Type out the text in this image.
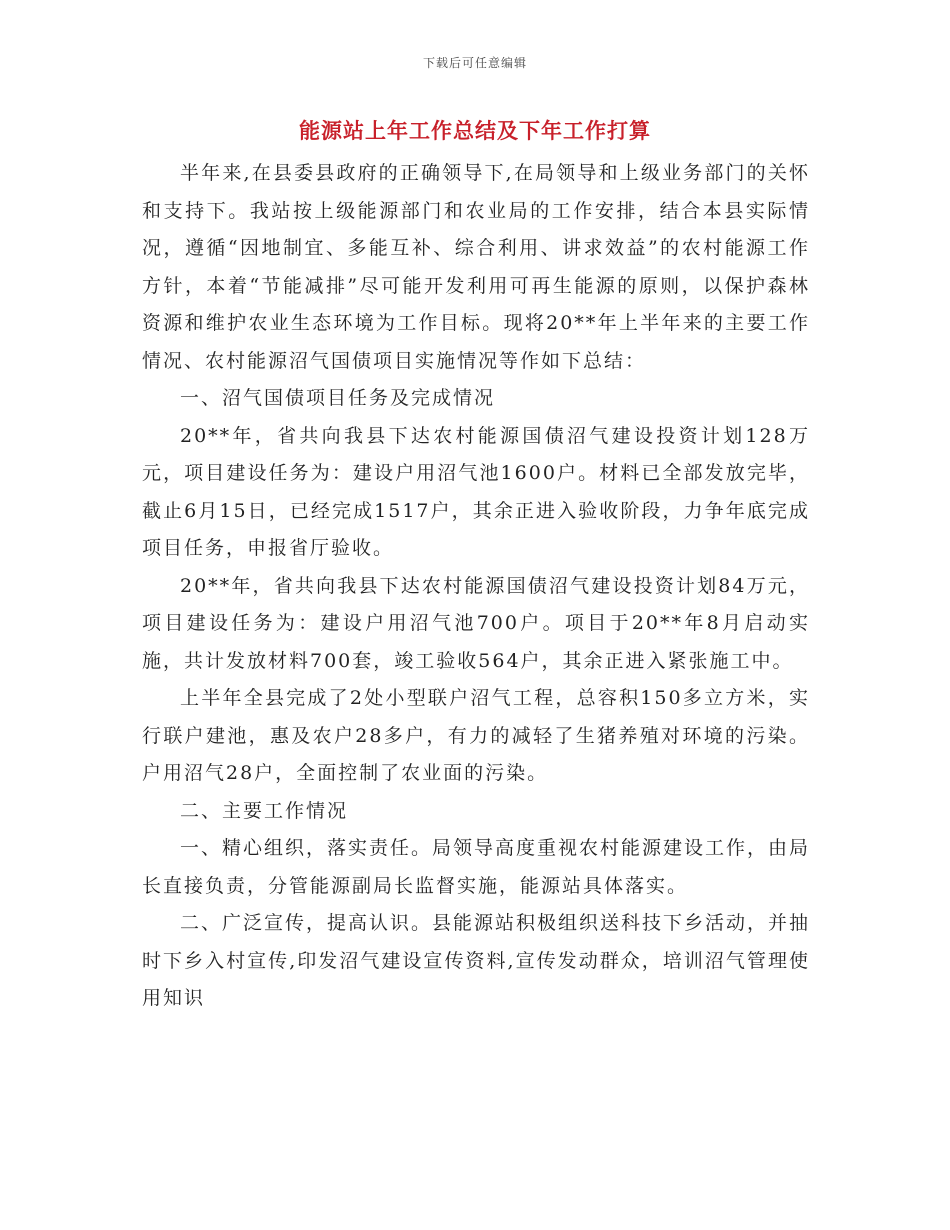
下载后可任意编辑
能源站上年工作总结及下年工作打算

半年来,在县委县政府的正确领导下,在局领导和上级业务部门的关怀和支持下。我站按上级能源部门和农业局的工作安排，结合本县实际情况，遵循“因地制宜、多能互补、综合利用、讲求效益”的农村能源工作方针，本着“节能减排”尽可能开发利用可再生能源的原则，以保护森林资源和维护农业生态环境为工作目标。现将20**年上半年来的主要工作情况、农村能源沼气国债项目实施情况等作如下总结：

一、沼气国债项目任务及完成情况

20**年，省共向我县下达农村能源国债沼气建设投资计划128万元，项目建设任务为：建设户用沼气池1600户。材料已全部发放完毕，截止6月15日，已经完成1517户，其余正进入验收阶段，力争年底完成项目任务，申报省厅验收。

20**年，省共向我县下达农村能源国债沼气建设投资计划84万元，项目建设任务为：建设户用沼气池700户。项目于20**年8月启动实施，共计发放材料700套，竣工验收564户，其余正进入紧张施工中。

上半年全县完成了2处小型联户沼气工程，总容积150多立方米，实行联户建池，惠及农户28多户，有力的减轻了生猪养殖对环境的污染。户用沼气28户，全面控制了农业面的污染。

二、主要工作情况

一、精心组织，落实责任。局领导高度重视农村能源建设工作，由局长直接负责，分管能源副局长监督实施，能源站具体落实。

二、广泛宣传，提高认识。县能源站积极组织送科技下乡活动，并抽时下乡入村宣传,印发沼气建设宣传资料,宣传发动群众，培训沼气管理使用知识
